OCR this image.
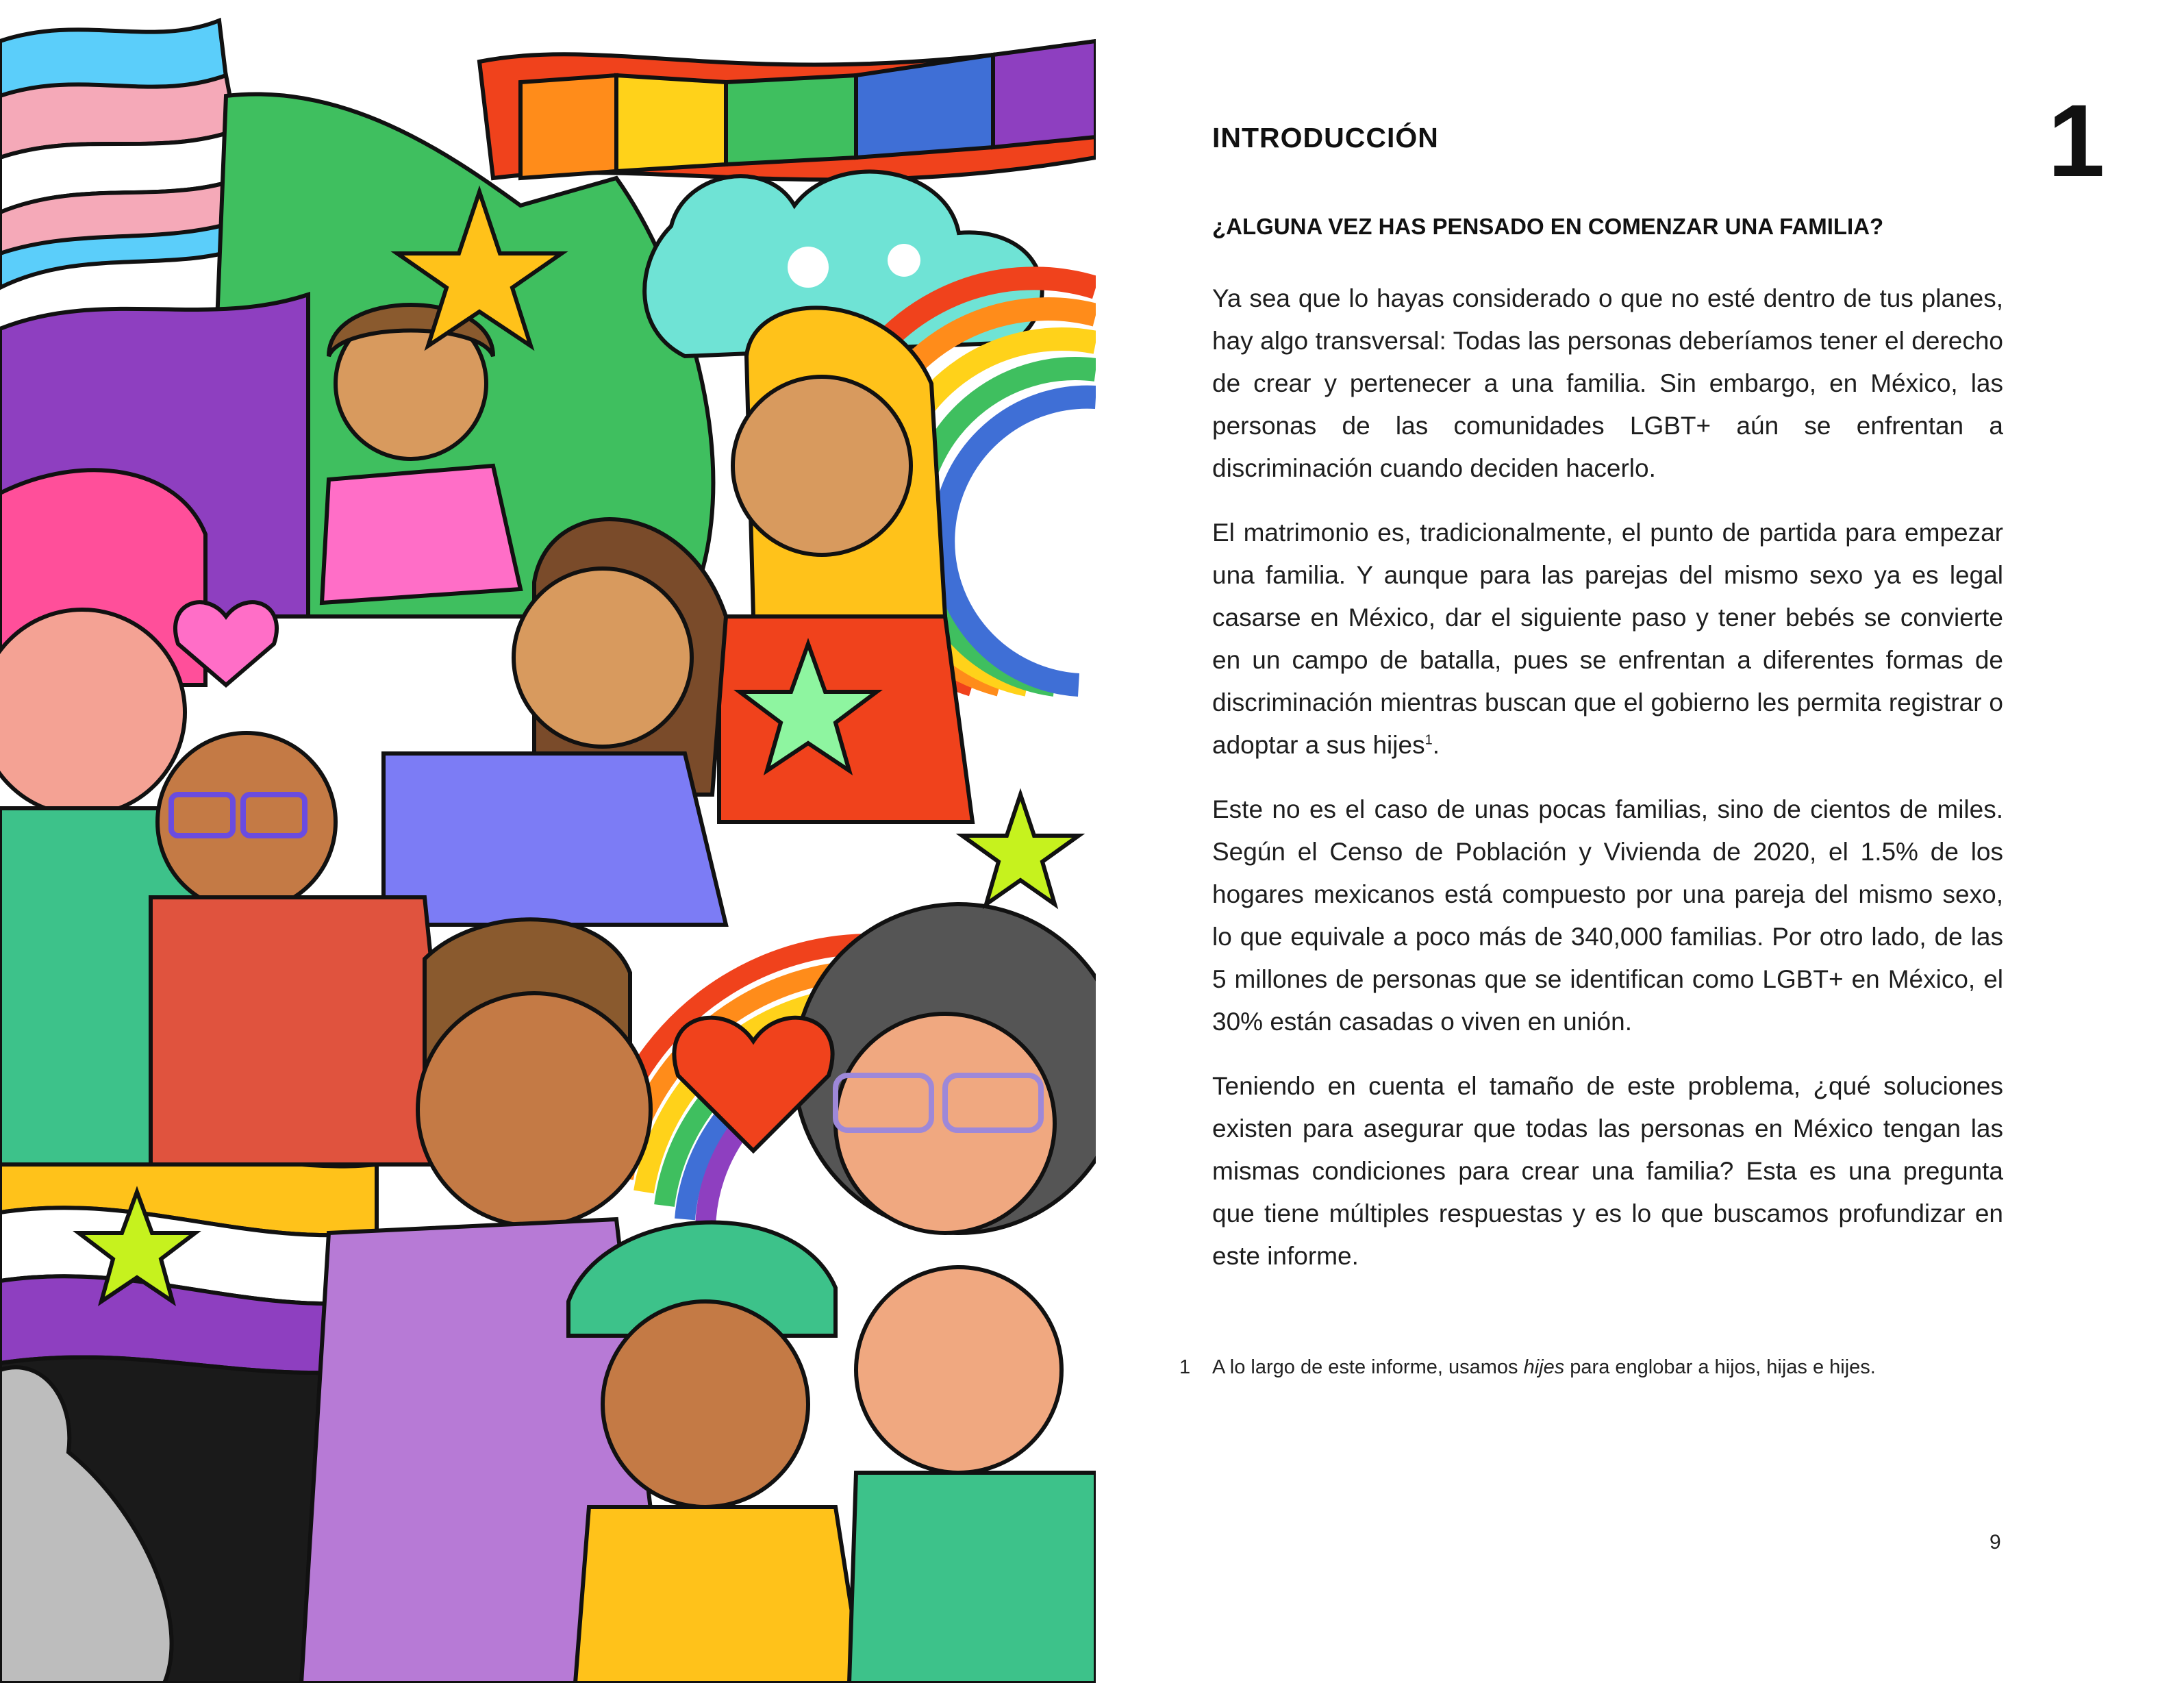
1
INTRODUCCIÓN
¿ALGUNA VEZ HAS PENSADO EN COMENZAR UNA FAMILIA?

Ya sea que lo hayas considerado o que no esté dentro de tus planes, hay algo transversal: Todas las personas deberíamos tener el derecho de crear y pertenecer a una familia. Sin embargo, en México, las personas de las comunidades LGBT+ aún se enfrentan a discriminación cuando deciden hacerlo.

El matrimonio es, tradicionalmente, el punto de partida para empezar una familia. Y aunque para las parejas del mismo sexo ya es legal casarse en México, dar el siguiente paso y tener bebés se convierte en un campo de batalla, pues se enfrentan a diferentes formas de discriminación mientras buscan que el gobierno les permita registrar o adoptar a sus hijes$^1$.

Este no es el caso de unas pocas familias, sino de cientos de miles. Según el Censo de Población y Vivienda de 2020, el 1.5% de los hogares mexicanos está compuesto por una pareja del mismo sexo, lo que equivale a poco más de 340,000 familias. Por otro lado, de las 5 millones de personas que se identifican como LGBT+ en México, el 30% están casadas o viven en unión.

Teniendo en cuenta el tamaño de este problema, ¿qué soluciones existen para asegurar que todas las personas en México tengan las mismas condiciones para crear una familia? Esta es una pregunta que tiene múltiples respuestas y es lo que buscamos profundizar en este informe.

1 A lo largo de este informe, usamos hijes para englobar a hijos, hijas e hijes.
9
